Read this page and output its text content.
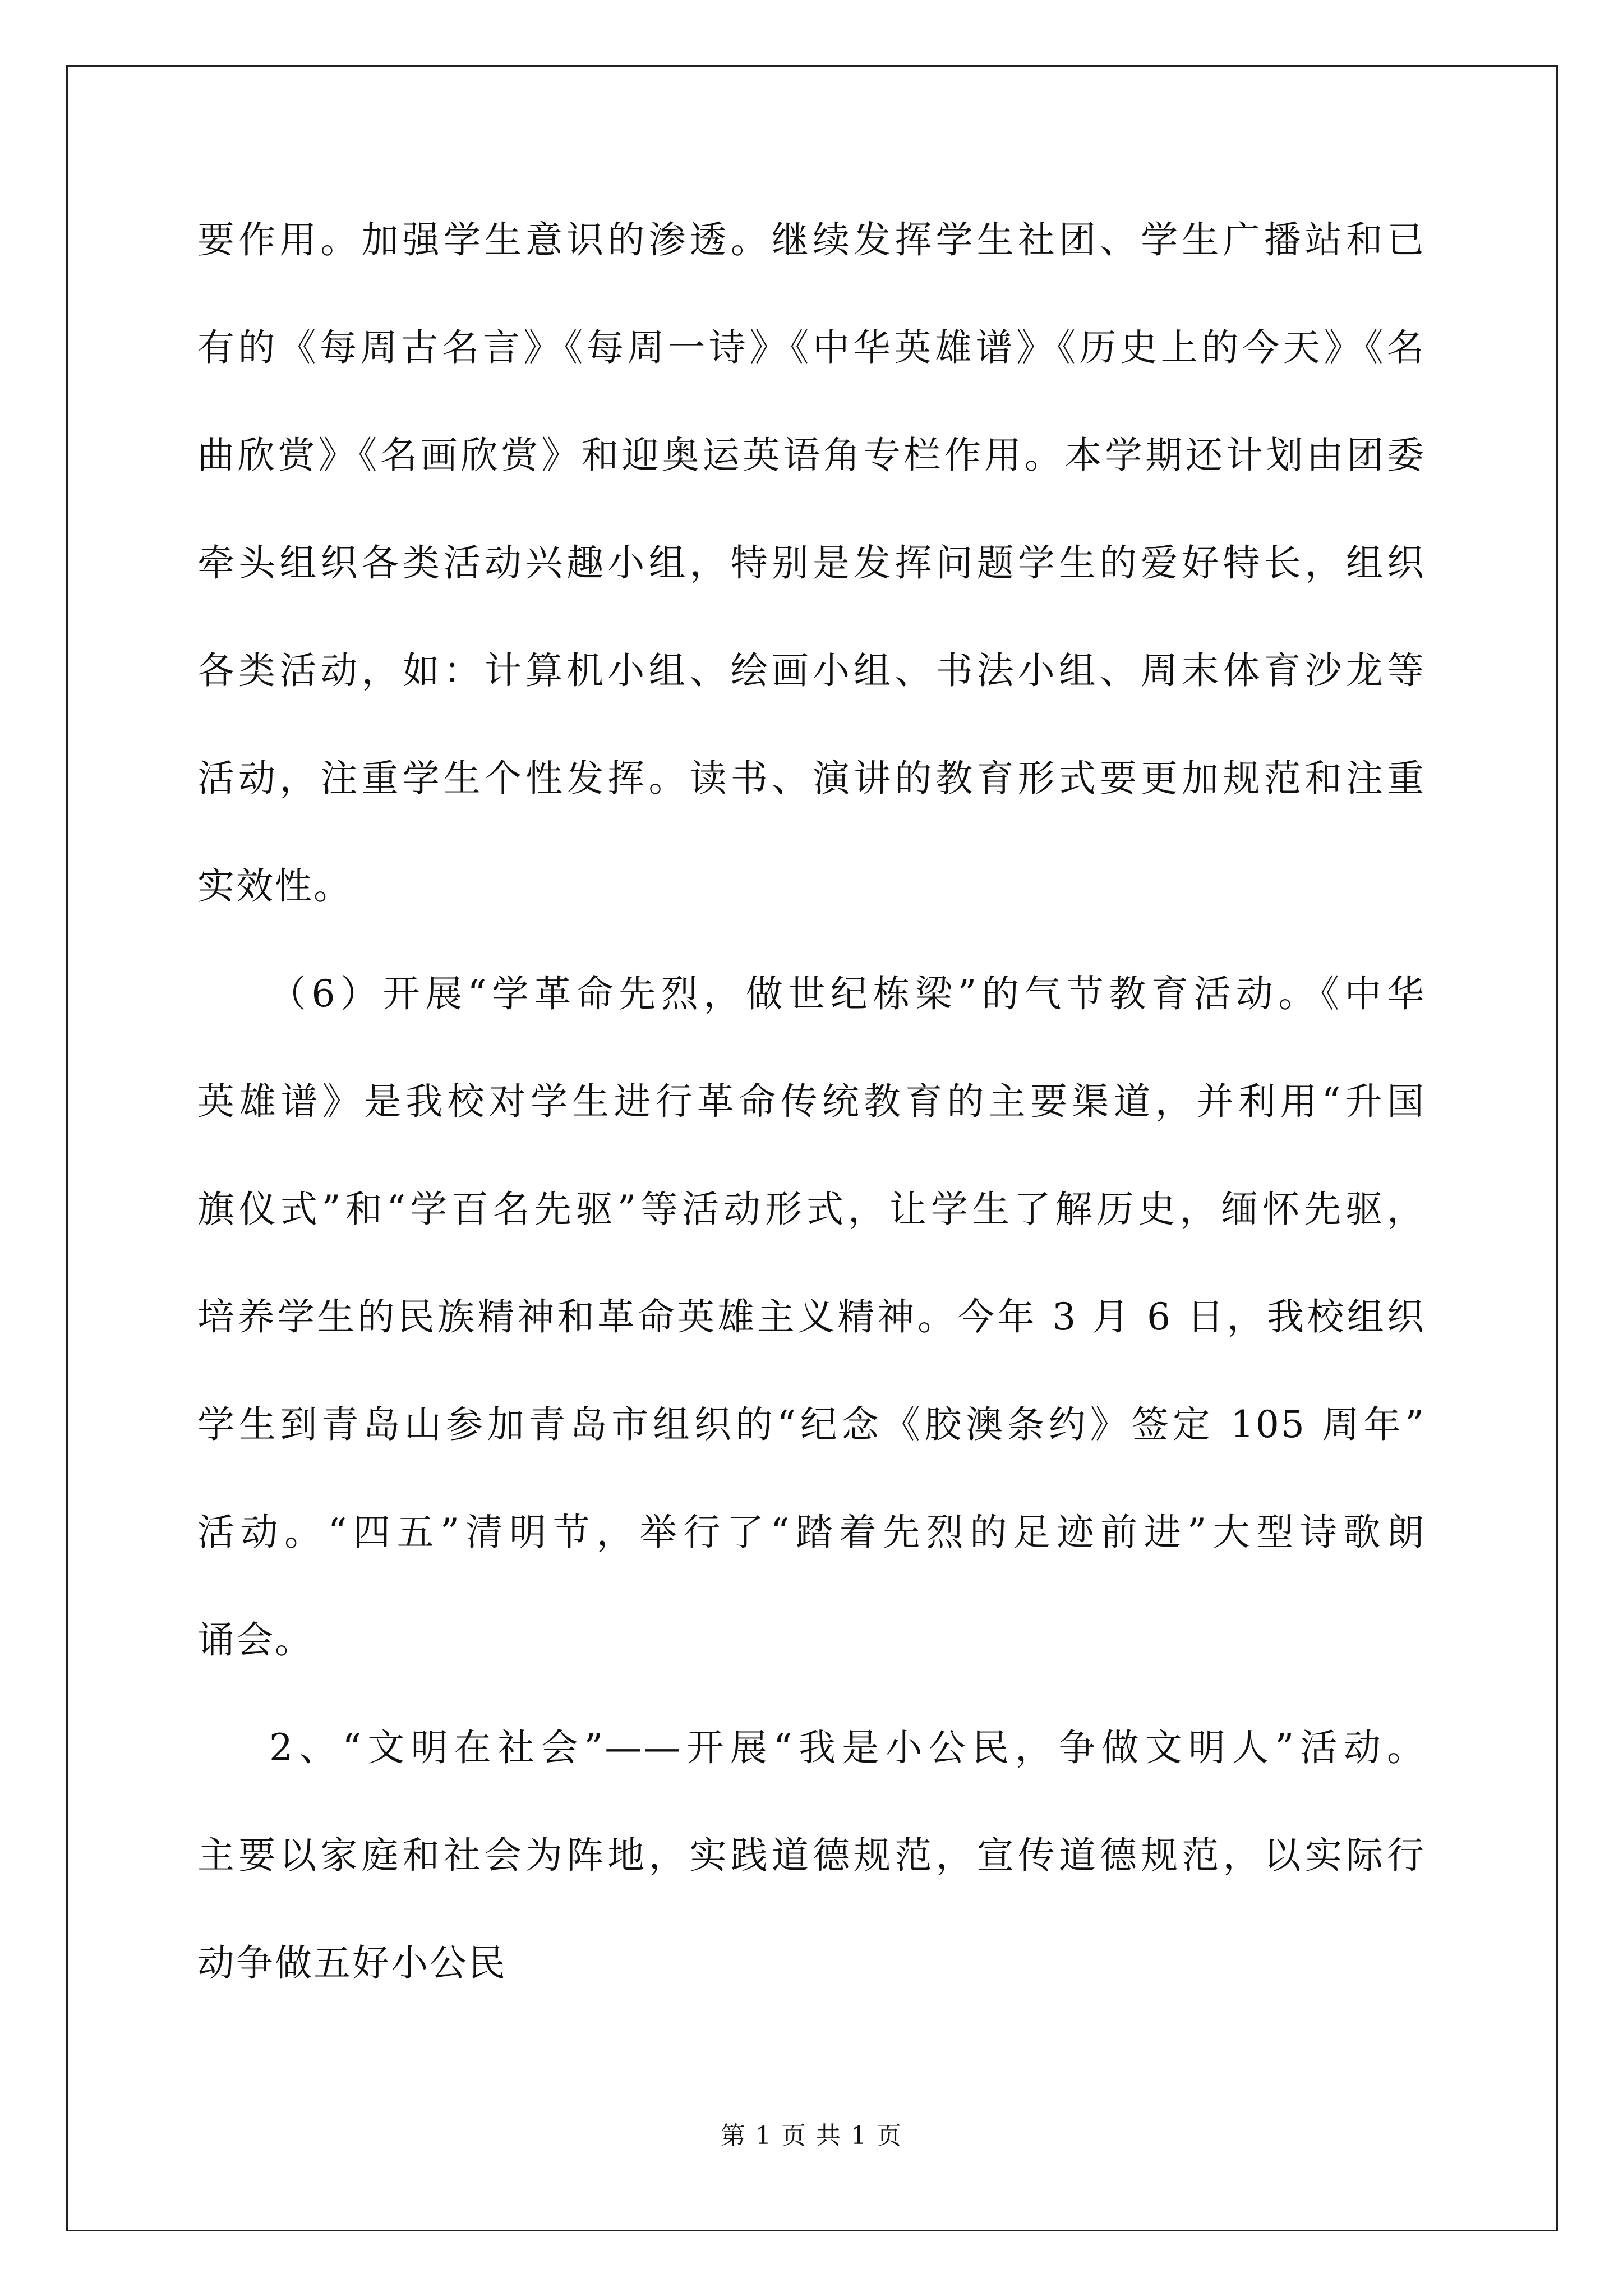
要作用。加强学生意识的渗透。继续发挥学生社团、学生广播站和已
有的《每周古名言》《每周一诗》《中华英雄谱》《历史上的今天》《名
曲欣赏》《名画欣赏》和迎奥运英语角专栏作用。本学期还计划由团委
牵头组织各类活动兴趣小组，特别是发挥问题学生的爱好特长，组织
各类活动，如：计算机小组、绘画小组、书法小组、周末体育沙龙等
活动，注重学生个性发挥。读书、演讲的教育形式要更加规范和注重
实效性。
（6）开展“学革命先烈，做世纪栋梁”的气节教育活动。《中华
英雄谱》是我校对学生进行革命传统教育的主要渠道，并利用“升国
旗仪式”和“学百名先驱”等活动形式，让学生了解历史，缅怀先驱，
培养学生的民族精神和革命英雄主义精神。今年 3 月 6 日，我校组织
学生到青岛山参加青岛市组织的“纪念《胶澳条约》签定 105 周年”
活动。“四五”清明节，举行了“踏着先烈的足迹前进”大型诗歌朗
诵会。
2、“文明在社会”——开展“我是小公民，争做文明人”活动。
主要以家庭和社会为阵地，实践道德规范，宣传道德规范，以实际行
动争做五好小公民
第 1 页 共 1 页
